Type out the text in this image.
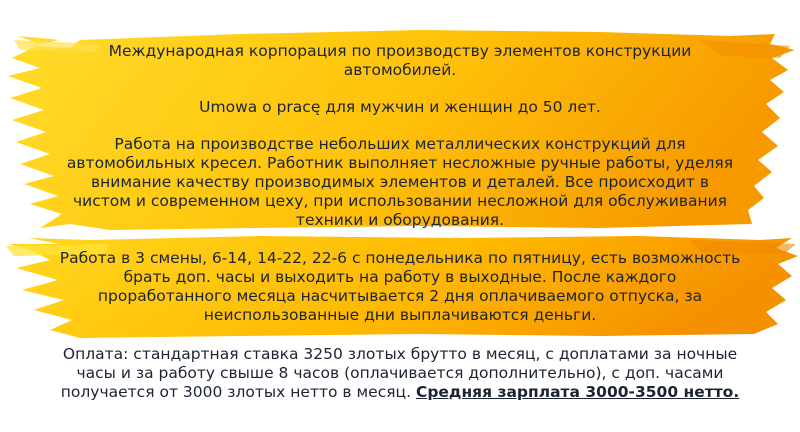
Международная корпорация по производству элементов конструкции
автомобилей.

Umowa o pracę для мужчин и женщин до 50 лет.

Работа на производстве небольших металлических конструкций для
автомобильных кресел. Работник выполняет несложные ручные работы, уделяя
внимание качеству производимых элементов и деталей. Все происходит в
чистом и современном цеху, при использовании несложной для обслуживания
техники и оборудования.

Работа в 3 смены, 6-14, 14-22, 22-6 с понедельника по пятницу, есть возможность
брать доп. часы и выходить на работу в выходные. После каждого
проработанного месяца насчитывается 2 дня оплачиваемого отпуска, за
неиспользованные дни выплачиваются деньги.

Оплата: стандартная ставка 3250 злотых брутто в месяц, с доплатами за ночные
часы и за работу свыше 8 часов (оплачивается дополнительно), с доп. часами
получается от 3000 злотых нетто в месяц. Средняя зарплата 3000-3500 нетто.
